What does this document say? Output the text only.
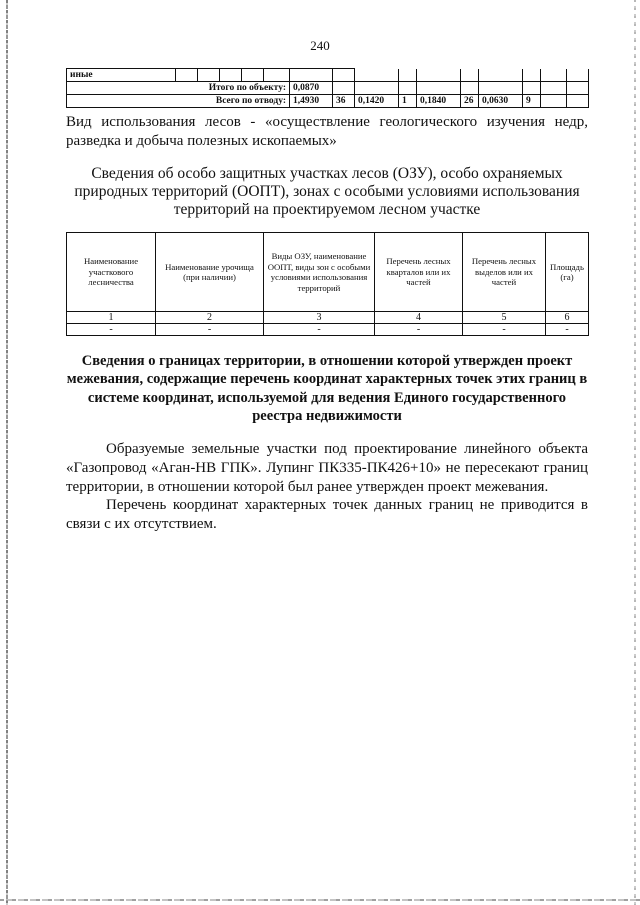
240
иные															
Итого по объекту:						0,0870									
Всего по отводу:						1,4930	36	0,1420	1	0,1840	26	0,0630	9		
Вид использования лесов - «осуществление геологического изучения недр, разведка и добыча полезных ископаемых»
Сведения об особо защитных участках лесов (ОЗУ), особо охраняемых природных территорий (ООПТ), зонах с особыми условиями использования территорий на проектируемом лесном участке
Наименование участкового лесничества	Наименование урочища (при наличии)	Виды ОЗУ, наименование ООПТ, виды зон с особыми условиями использования территорий	Перечень лесных кварталов или их частей	Перечень лесных выделов или их частей	Площадь (га)
1	2	3	4	5	6
-	-	-	-	-	-
Сведения о границах территории, в отношении которой утвержден проект межевания, содержащие перечень координат характерных точек этих границ в системе координат, используемой для ведения Единого государственного реестра недвижимости

Образуемые земельные участки под проектирование линейного объекта «Газопровод «Аган-НВ ГПК». Лупинг ПК335-ПК426+10» не пересекают границ территории, в отношении которой был ранее утвержден проект межевания.

Перечень координат характерных точек данных границ не приводится в связи с их отсутствием.
